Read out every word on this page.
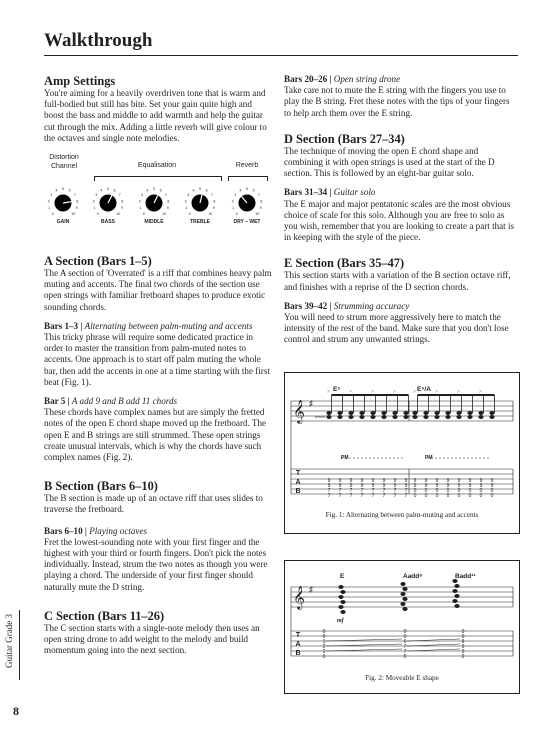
Walkthrough
Amp Settings

You're aiming for a heavily overdriven tone that is warm and full-bodied but still has bite. Set your gain quite high and boost the bass and middle to add warmth and help the guitar cut through the mix. Adding a little reverb will give colour to the octaves and single note melodies.

Distortion
Channel	Equalisation	Reverb
0
1
2
3
4 5 6
7
8
9
10
GAIN
0
1
2
3
4 5 6
7
8
9
10
BASS
0
1
2
3
4 5 6
7
8
9
10
MIDDLE
0
1
2
3
4 5 6
7
8
9
10
TREBLE
0
1
2
3
4 5 6
7
8
9
10
DRY – WET
A Section (Bars 1–5)

The A section of 'Overrated' is a riff that combines heavy palm muting and accents. The final two chords of the section use open strings with familiar fretboard shapes to produce exotic sounding chords.

Bars 1–3 | Alternating between palm-muting and accents

This tricky phrase will require some dedicated practice in order to master the transition from palm-muted notes to accents. One approach is to start off palm muting the whole bar, then add the accents in one at a time starting with the first beat (Fig. 1).

Bar 5 | A add 9 and B add 11 chords

These chords have complex names but are simply the fretted notes of the open E chord shape moved up the fretboard. The open E and B strings are still strummed. These open strings create unusual intervals, which is why the chords have such complex names (Fig. 2).

B Section (Bars 6–10)

The B section is made up of an octave riff that uses slides to traverse the fretboard.

Bars 6–10 | Playing octaves

Fret the lowest-sounding note with your first finger and the highest with your third or fourth fingers. Don't pick the notes individually. Instead, strum the two notes as though you were playing a chord. The underside of your first finger should naturally mute the D string.

C Section (Bars 11–26)

The C section starts with a single-note melody then uses an open string drone to add weight to the melody and build momentum going into the next section.

Bars 20–26 | Open string drone

Take care not to mute the E string with the fingers you use to play the B string. Fret these notes with the tips of your fingers to help arch them over the E string.

D Section (Bars 27–34)

The technique of moving the open E chord shape and combining it with open strings is used at the start of the D section. This is followed by an eight-bar guitar solo.

Bars 31–34 | Guitar solo

The E major and major pentatonic scales are the most obvious choice of scale for this solo. Although you are free to solo as you wish, remember that you are looking to create a part that is in keeping with the style of the piece.

E Section (Bars 35–47)

This section starts with a variation of the B section octave riff, and finishes with a reprise of the D section chords.

Bars 39–42 | Strumming accuracy

You will need to strum more aggressively here to match the intensity of the rest of the band. Make sure that you don't lose control and strum any unwanted strings.

𝄞 ♯
>	>	>	>	>	>	>	>
E⁵	E⁵/A
PM	PM
T
A
B
9
9
7
7
9
9
7
7
9
9
7
7
9
9
7
7
9
9
7
7
9
9
7
7
9
9
7
7
9
9
7
7
9
9
0
0
9
9
0
0
9
9
0
0
9
9
0
0
9
9
0
0
9
9
0
0
9
9
0
0
9
9
0
0
Fig. 1: Alternating between palm-muting and accents
𝄞 ♯
E	Aadd⁹	Badd¹¹
mf
T
A
B
0
0
1
2
2
0
0
0
6
7
7
0
0
0
8
9
9
0
Fig. 2: Moveable E shape
Guitar Grade 3
8
